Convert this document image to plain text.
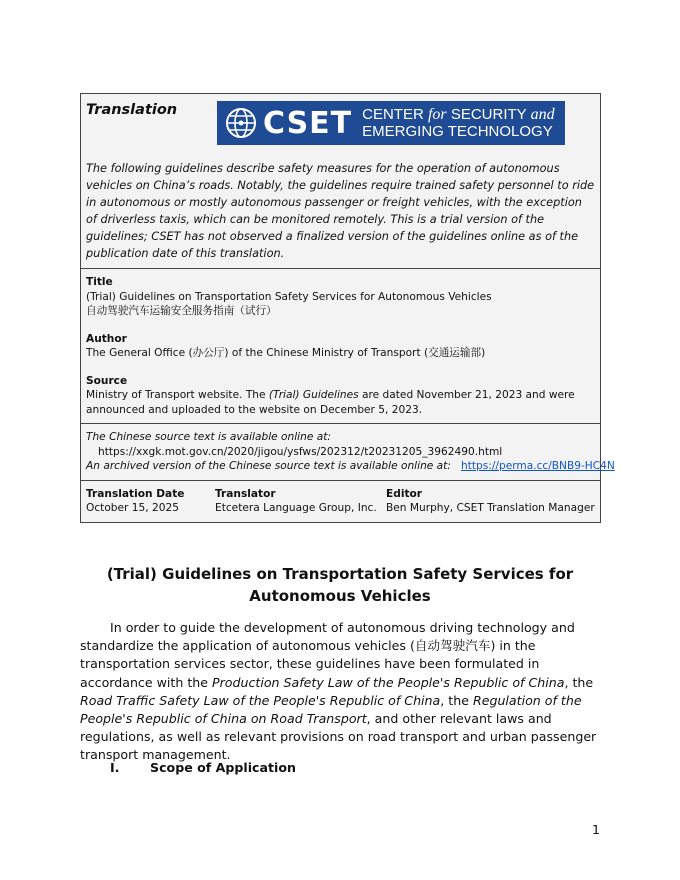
Translation	CSET CENTER for SECURITY and
EMERGING TECHNOLOGY
The following guidelines describe safety measures for the operation of autonomous vehicles on China’s roads. Notably, the guidelines require trained safety personnel to ride in autonomous or mostly autonomous passenger or freight vehicles, with the exception of driverless taxis, which can be monitored remotely. This is a trial version of the guidelines; CSET has not observed a finalized version of the guidelines online as of the publication date of this translation.
Title
(Trial) Guidelines on Transportation Safety Services for Autonomous Vehicles
自动驾驶汽车运输安全服务指南（试行）
Author
The General Office (办公厅) of the Chinese Ministry of Transport (交通运输部)
Source
Ministry of Transport website. The (Trial) Guidelines are dated November 21, 2023 and were announced and uploaded to the website on December 5, 2023.
The Chinese source text is available online at:
https://xxgk.mot.gov.cn/2020/jigou/ysfws/202312/t20231205_3962490.html
An archived version of the Chinese source text is available online at: https://perma.cc/BNB9-HC4N
Translation Date
October 15, 2025
Translator
Etcetera Language Group, Inc.
Editor
Ben Murphy, CSET Translation Manager
(Trial) Guidelines on Transportation Safety Services for Autonomous Vehicles

In order to guide the development of autonomous driving technology and standardize the application of autonomous vehicles (自动驾驶汽车) in the transportation services sector, these guidelines have been formulated in accordance with the Production Safety Law of the People's Republic of China, the Road Traffic Safety Law of the People's Republic of China, the Regulation of the People's Republic of China on Road Transport, and other relevant laws and regulations, as well as relevant provisions on road transport and urban passenger transport management.

I. Scope of Application
1
